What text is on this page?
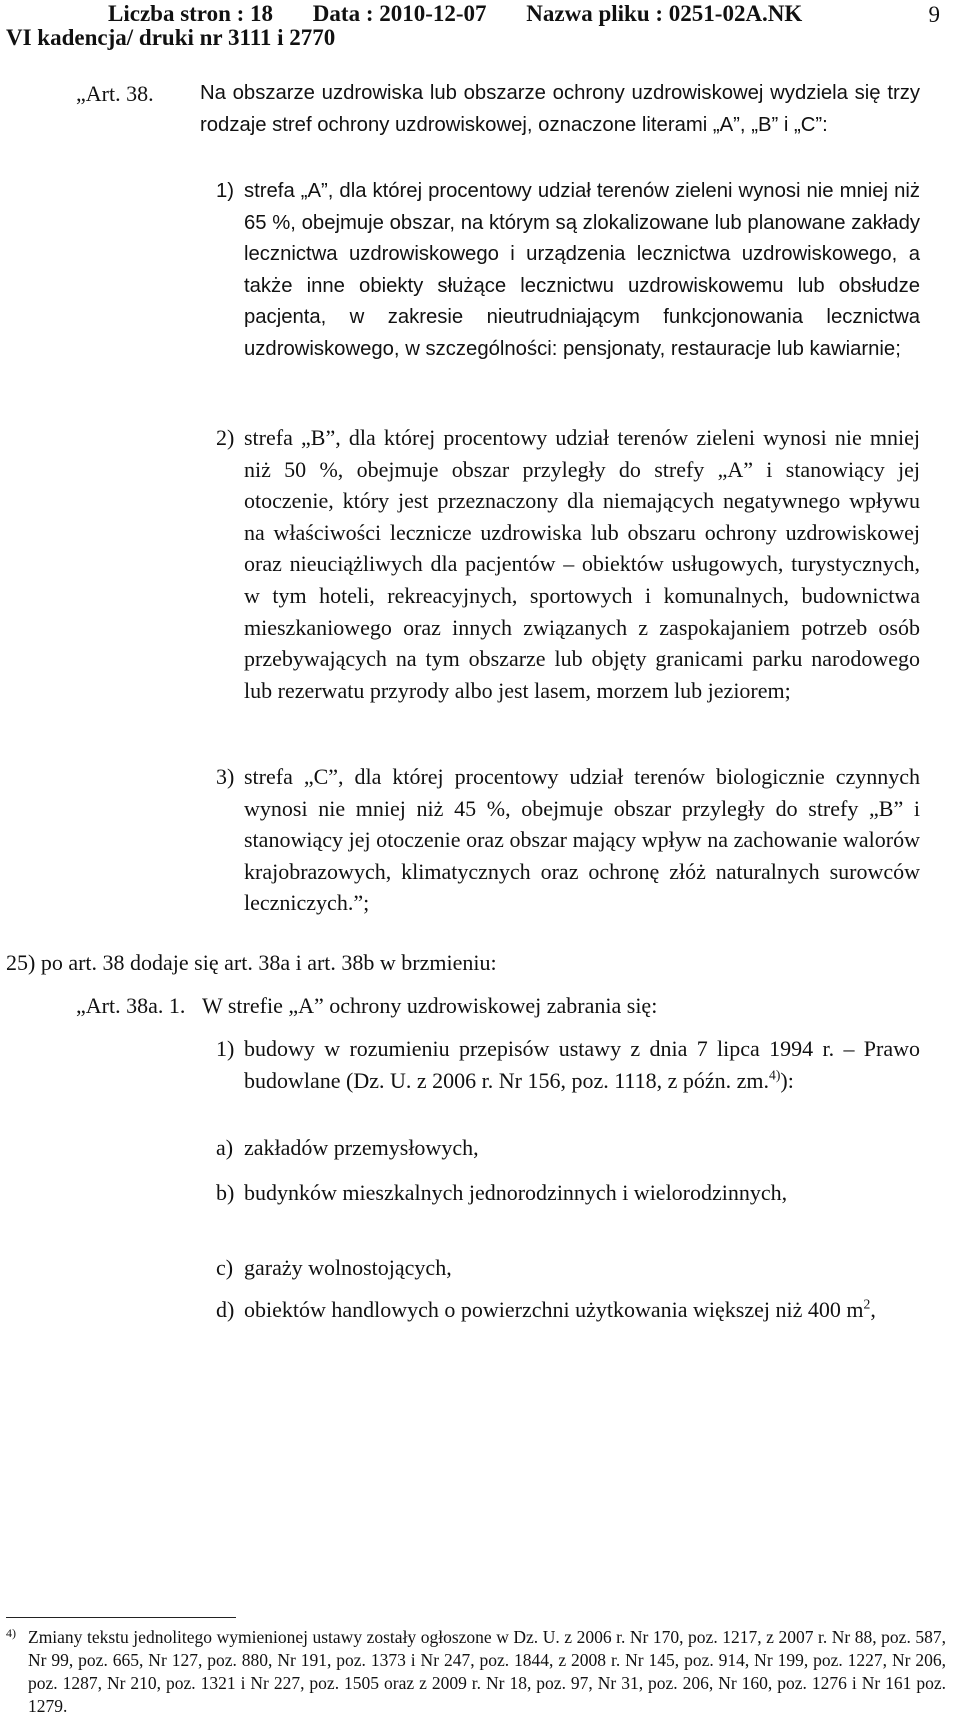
Liczba stron : 18 Data : 2010-12-07 Nazwa pliku : 0251-02A.NK
VI kadencja/ druki nr 3111 i 2770
9
„Art. 38. Na obszarze uzdrowiska lub obszarze ochrony uzdrowiskowej wydziela się trzy rodzaje stref ochrony uzdrowiskowej, oznaczone literami „A”, „B” i „C”:
1) strefa „A”, dla której procentowy udział terenów zieleni wynosi nie mniej niż 65 %, obejmuje obszar, na którym są zlokalizowane lub planowane zakłady lecznictwa uzdrowiskowego i urządzenia lecznictwa uzdrowiskowego, a także inne obiekty służące lecznictwu uzdrowiskowemu lub obsłudze pacjenta, w zakresie nieutrudniającym funkcjonowania lecznictwa uzdrowiskowego, w szczególności: pensjonaty, restauracje lub kawiarnie;
2) strefa „B”, dla której procentowy udział terenów zieleni wynosi nie mniej niż 50 %, obejmuje obszar przyległy do strefy „A” i stanowiący jej otoczenie, który jest przeznaczony dla niemających negatywnego wpływu na właściwości lecznicze uzdrowiska lub obszaru ochrony uzdrowiskowej oraz nieuciążliwych dla pacjentów – obiektów usługowych, turystycznych, w tym hoteli, rekreacyjnych, sportowych i komunalnych, budownictwa mieszkaniowego oraz innych związanych z zaspokajaniem potrzeb osób przebywających na tym obszarze lub objęty granicami parku narodowego lub rezerwatu przyrody albo jest lasem, morzem lub jeziorem;
3) strefa „C”, dla której procentowy udział terenów biologicznie czynnych wynosi nie mniej niż 45 %, obejmuje obszar przyległy do strefy „B” i stanowiący jej otoczenie oraz obszar mający wpływ na zachowanie walorów krajobrazowych, klimatycznych oraz ochronę złóż naturalnych surowców leczniczych.”;
25) po art. 38 dodaje się art. 38a i art. 38b w brzmieniu:
„Art. 38a. 1. W strefie „A” ochrony uzdrowiskowej zabrania się:
1) budowy w rozumieniu przepisów ustawy z dnia 7 lipca 1994 r. – Prawo budowlane (Dz. U. z 2006 r. Nr 156, poz. 1118, z późn. zm.$^{4)}$):
a) zakładów przemysłowych,
b) budynków mieszkalnych jednorodzinnych i wielorodzinnych,
c) garaży wolnostojących,
d) obiektów handlowych o powierzchni użytkowania większej niż 400 $m^2$,
4) Zmiany tekstu jednolitego wymienionej ustawy zostały ogłoszone w Dz. U. z 2006 r. Nr 170, poz. 1217, z 2007 r. Nr 88, poz. 587, Nr 99, poz. 665, Nr 127, poz. 880, Nr 191, poz. 1373 i Nr 247, poz. 1844, z 2008 r. Nr 145, poz. 914, Nr 199, poz. 1227, Nr 206, poz. 1287, Nr 210, poz. 1321 i Nr 227, poz. 1505 oraz z 2009 r. Nr 18, poz. 97, Nr 31, poz. 206, Nr 160, poz. 1276 i Nr 161 poz. 1279.
